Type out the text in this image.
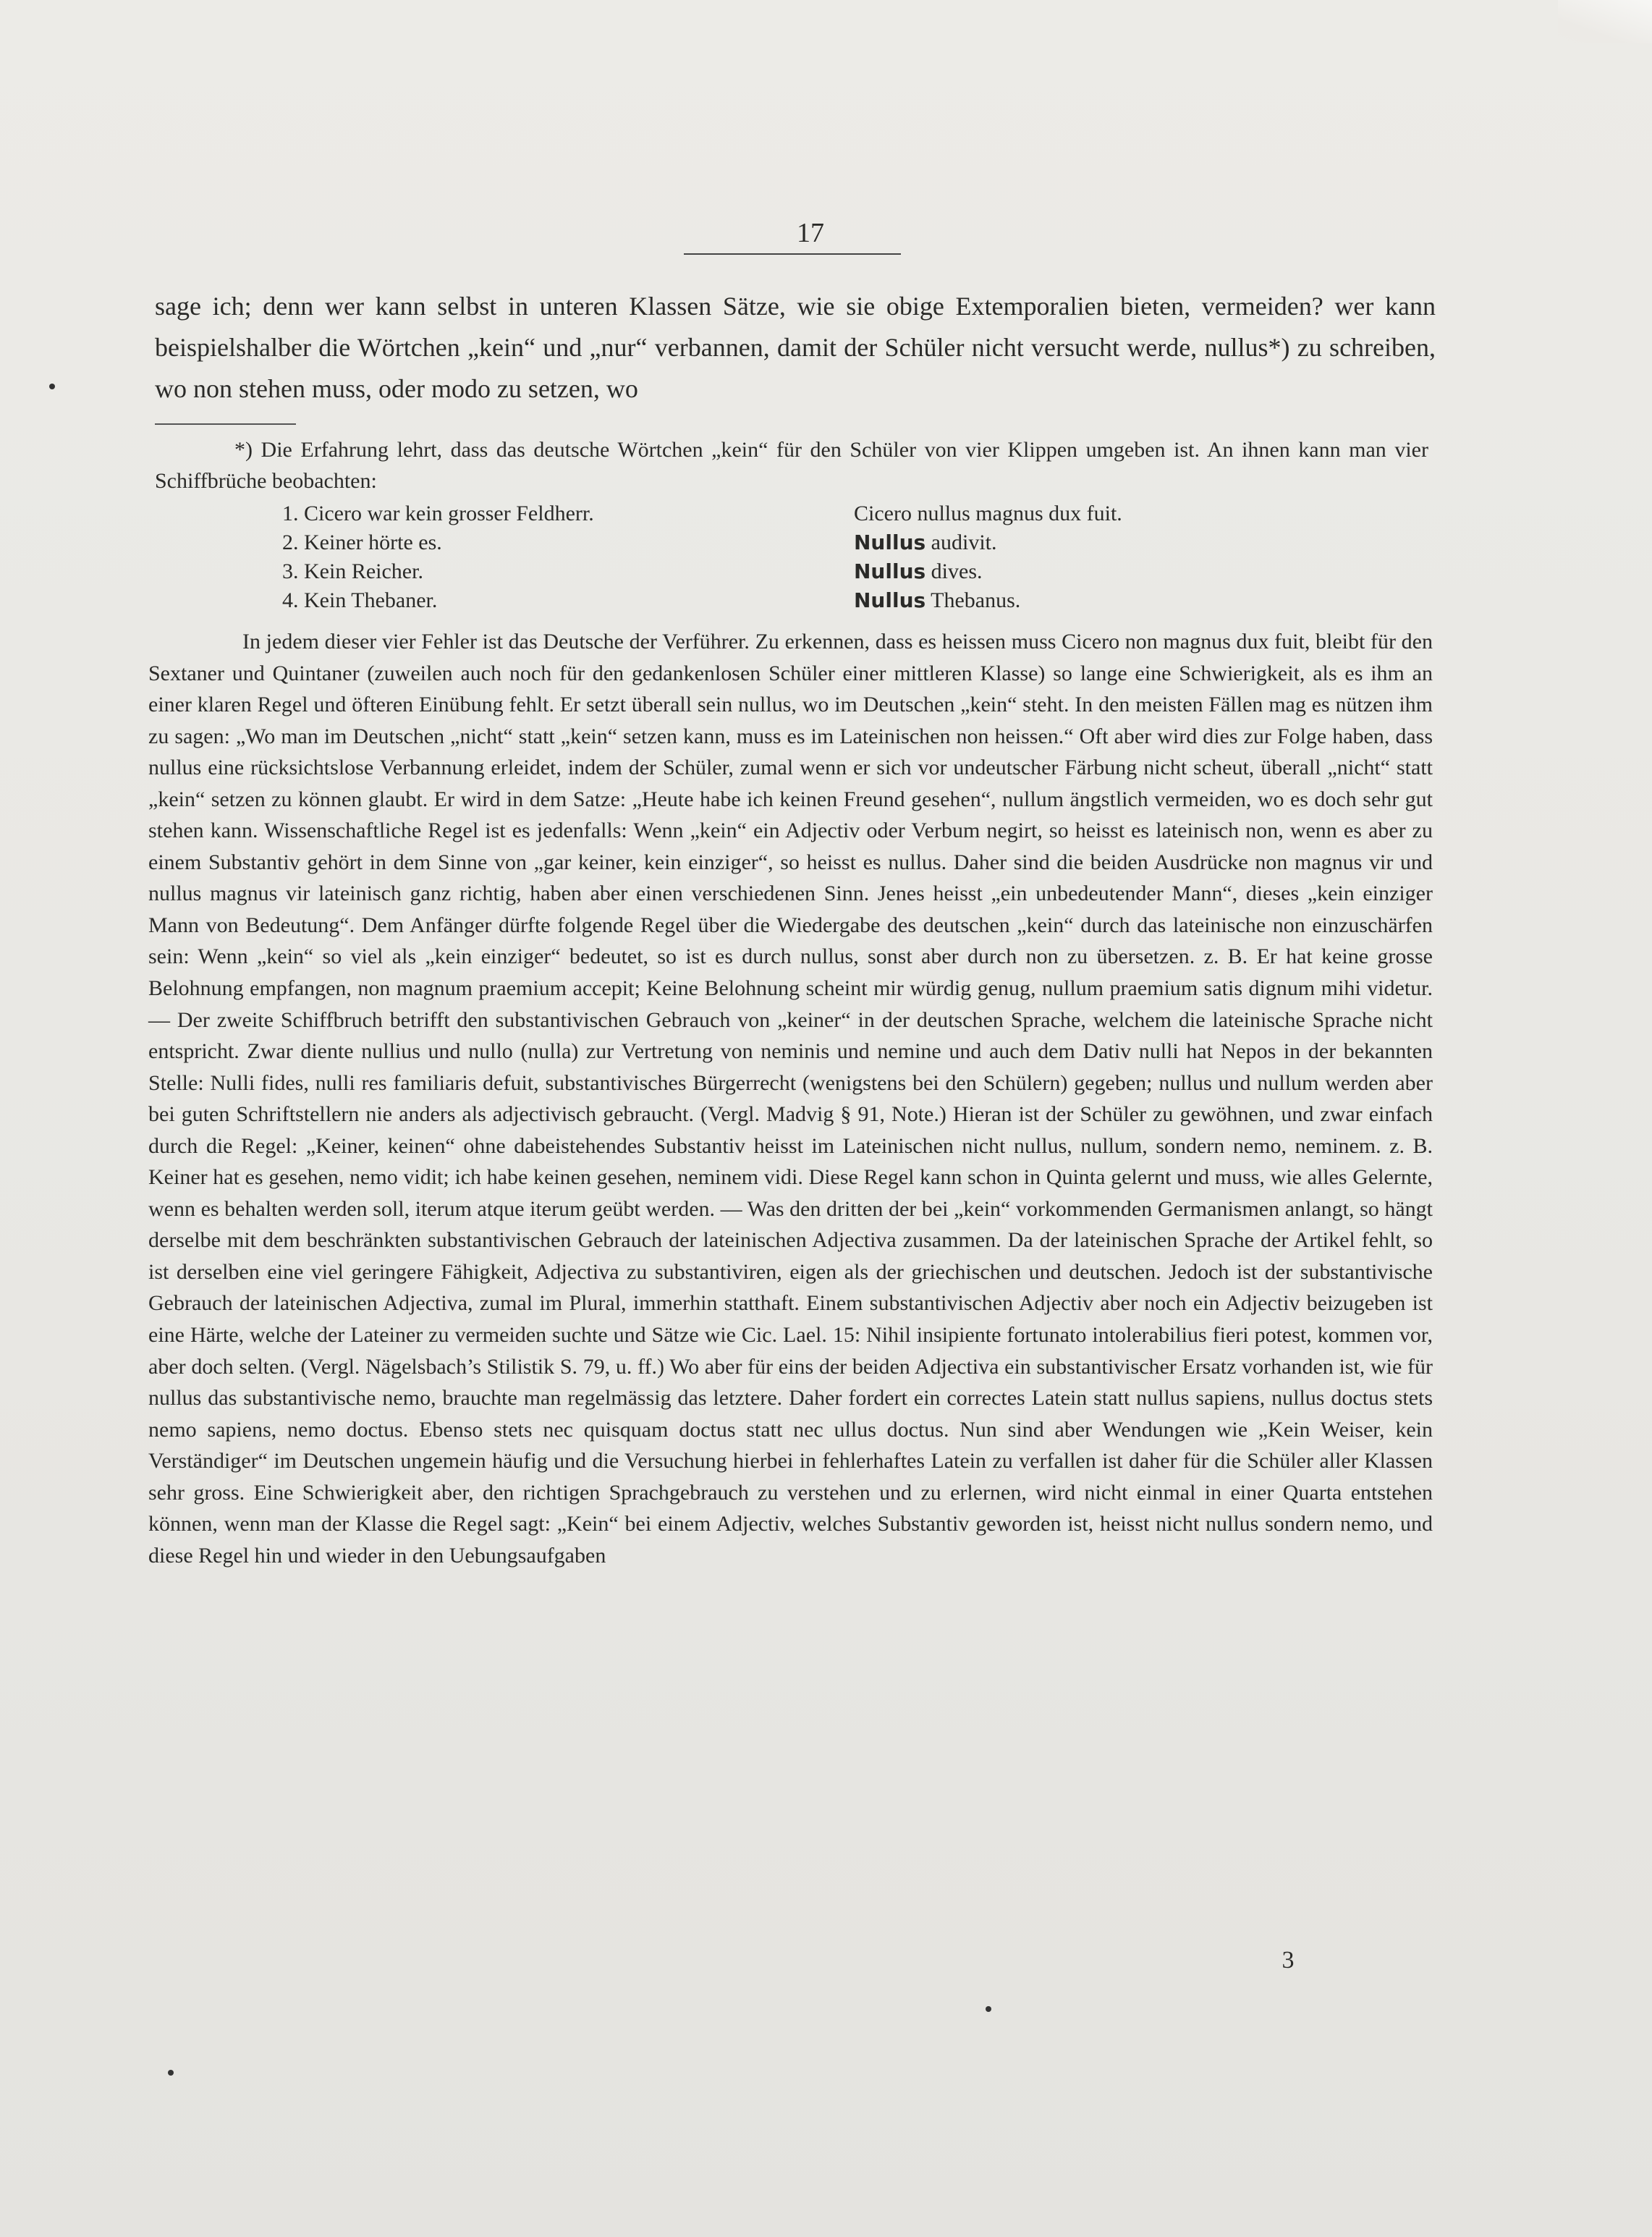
17

sage ich; denn wer kann selbst in unteren Klassen Sätze, wie sie obige Extemporalien bieten, vermeiden? wer kann beispielshalber die Wörtchen „kein“ und „nur“ verbannen, damit der Schüler nicht versucht werde, nullus*) zu schreiben, wo non stehen muss, oder modo zu setzen, wo

*) Die Erfahrung lehrt, dass das deutsche Wörtchen „kein“ für den Schüler von vier Klippen umgeben ist. An ihnen kann man vier Schiffbrüche beobachten:

1. Cicero war kein grosser Feldherr.	Cicero nullus magnus dux fuit.
2. Keiner hörte es.	Nullus audivit.
3. Kein Reicher.	Nullus dives.
4. Kein Thebaner.	Nullus Thebanus.

In jedem dieser vier Fehler ist das Deutsche der Verführer. Zu erkennen, dass es heissen muss Cicero non magnus dux fuit, bleibt für den Sextaner und Quintaner (zuweilen auch noch für den gedankenlosen Schüler einer mittleren Klasse) so lange eine Schwierigkeit, als es ihm an einer klaren Regel und öfteren Einübung fehlt. Er setzt überall sein nullus, wo im Deutschen „kein“ steht. In den meisten Fällen mag es nützen ihm zu sagen: „Wo man im Deutschen „nicht“ statt „kein“ setzen kann, muss es im Lateinischen non heissen.“ Oft aber wird dies zur Folge haben, dass nullus eine rücksichtslose Verbannung erleidet, indem der Schüler, zumal wenn er sich vor undeutscher Färbung nicht scheut, überall „nicht“ statt „kein“ setzen zu können glaubt. Er wird in dem Satze: „Heute habe ich keinen Freund gesehen“, nullum ängstlich vermeiden, wo es doch sehr gut stehen kann. Wissenschaftliche Regel ist es jedenfalls: Wenn „kein“ ein Adjectiv oder Verbum negirt, so heisst es lateinisch non, wenn es aber zu einem Substantiv gehört in dem Sinne von „gar keiner, kein einziger“, so heisst es nullus. Daher sind die beiden Ausdrücke non magnus vir und nullus magnus vir lateinisch ganz richtig, haben aber einen verschiedenen Sinn. Jenes heisst „ein unbedeutender Mann“, dieses „kein einziger Mann von Bedeutung“. Dem Anfänger dürfte folgende Regel über die Wiedergabe des deutschen „kein“ durch das lateinische non einzuschärfen sein: Wenn „kein“ so viel als „kein einziger“ bedeutet, so ist es durch nullus, sonst aber durch non zu übersetzen. z. B. Er hat keine grosse Belohnung empfangen, non magnum praemium accepit; Keine Belohnung scheint mir würdig genug, nullum praemium satis dignum mihi videtur. — Der zweite Schiffbruch betrifft den substantivischen Gebrauch von „keiner“ in der deutschen Sprache, welchem die lateinische Sprache nicht entspricht. Zwar diente nullius und nullo (nulla) zur Vertretung von neminis und nemine und auch dem Dativ nulli hat Nepos in der bekannten Stelle: Nulli fides, nulli res familiaris defuit, substantivisches Bürgerrecht (wenigstens bei den Schülern) gegeben; nullus und nullum werden aber bei guten Schriftstellern nie anders als adjectivisch gebraucht. (Vergl. Madvig § 91, Note.) Hieran ist der Schüler zu gewöhnen, und zwar einfach durch die Regel: „Keiner, keinen“ ohne dabeistehendes Substantiv heisst im Lateinischen nicht nullus, nullum, sondern nemo, neminem. z. B. Keiner hat es gesehen, nemo vidit; ich habe keinen gesehen, neminem vidi. Diese Regel kann schon in Quinta gelernt und muss, wie alles Gelernte, wenn es behalten werden soll, iterum atque iterum geübt werden. — Was den dritten der bei „kein“ vorkommenden Germanismen anlangt, so hängt derselbe mit dem beschränkten substantivischen Gebrauch der lateinischen Adjectiva zusammen. Da der lateinischen Sprache der Artikel fehlt, so ist derselben eine viel geringere Fähigkeit, Adjectiva zu substantiviren, eigen als der griechischen und deutschen. Jedoch ist der substantivische Gebrauch der lateinischen Adjectiva, zumal im Plural, immerhin statthaft. Einem substantivischen Adjectiv aber noch ein Adjectiv beizugeben ist eine Härte, welche der Lateiner zu vermeiden suchte und Sätze wie Cic. Lael. 15: Nihil insipiente fortunato intolerabilius fieri potest, kommen vor, aber doch selten. (Vergl. Nägelsbach’s Stilistik S. 79, u. ff.) Wo aber für eins der beiden Adjectiva ein substantivischer Ersatz vorhanden ist, wie für nullus das substantivische nemo, brauchte man regelmässig das letztere. Daher fordert ein correctes Latein statt nullus sapiens, nullus doctus stets nemo sapiens, nemo doctus. Ebenso stets nec quisquam doctus statt nec ullus doctus. Nun sind aber Wendungen wie „Kein Weiser, kein Verständiger“ im Deutschen ungemein häufig und die Versuchung hierbei in fehlerhaftes Latein zu verfallen ist daher für die Schüler aller Klassen sehr gross. Eine Schwierigkeit aber, den richtigen Sprachgebrauch zu verstehen und zu erlernen, wird nicht einmal in einer Quarta entstehen können, wenn man der Klasse die Regel sagt: „Kein“ bei einem Adjectiv, welches Substantiv geworden ist, heisst nicht nullus sondern nemo, und diese Regel hin und wieder in den Uebungsaufgaben

3
